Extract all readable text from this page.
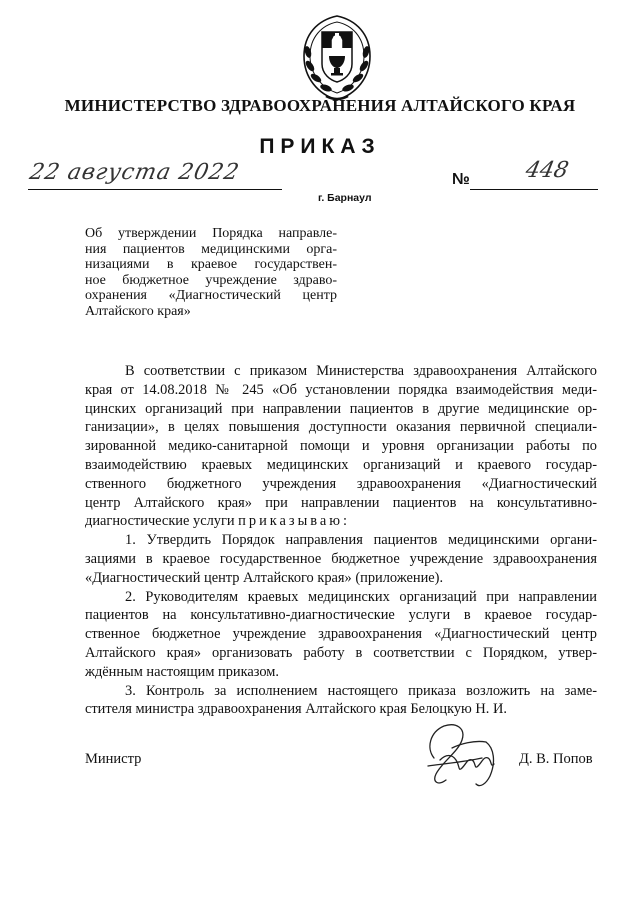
МИНИСТЕРСТВО ЗДРАВООХРАНЕНИЯ АЛТАЙСКОГО КРАЯ
ПРИКАЗ
22 августа 2022	№	448
г. Барнаул
Об утверждении Порядка направле-
ния пациентов медицинскими орга-
низациями в краевое государствен-
ное бюджетное учреждение здраво-
охранения «Диагностический центр
Алтайского края»
В соответствии с приказом Министерства здравоохранения Алтайского
края от 14.08.2018 № 245 «Об установлении порядка взаимодействия меди-
цинских организаций при направлении пациентов в другие медицинские ор-
ганизации», в целях повышения доступности оказания первичной специали-
зированной медико-санитарной помощи и уровня организации работы по
взаимодействию краевых медицинских организаций и краевого государ-
ственного бюджетного учреждения здравоохранения «Диагностический
центр Алтайского края» при направлении пациентов на консультативно-
диагностические услуги приказываю:
1. Утвердить Порядок направления пациентов медицинскими органи-
зациями в краевое государственное бюджетное учреждение здравоохранения
«Диагностический центр Алтайского края» (приложение).
2. Руководителям краевых медицинских организаций при направлении
пациентов на консультативно-диагностические услуги в краевое государ-
ственное бюджетное учреждение здравоохранения «Диагностический центр
Алтайского края» организовать работу в соответствии с Порядком, утвер-
ждённым настоящим приказом.
3. Контроль за исполнением настоящего приказа возложить на заме-
стителя министра здравоохранения Алтайского края Белоцкую Н. И.
Министр	Д. В. Попов
